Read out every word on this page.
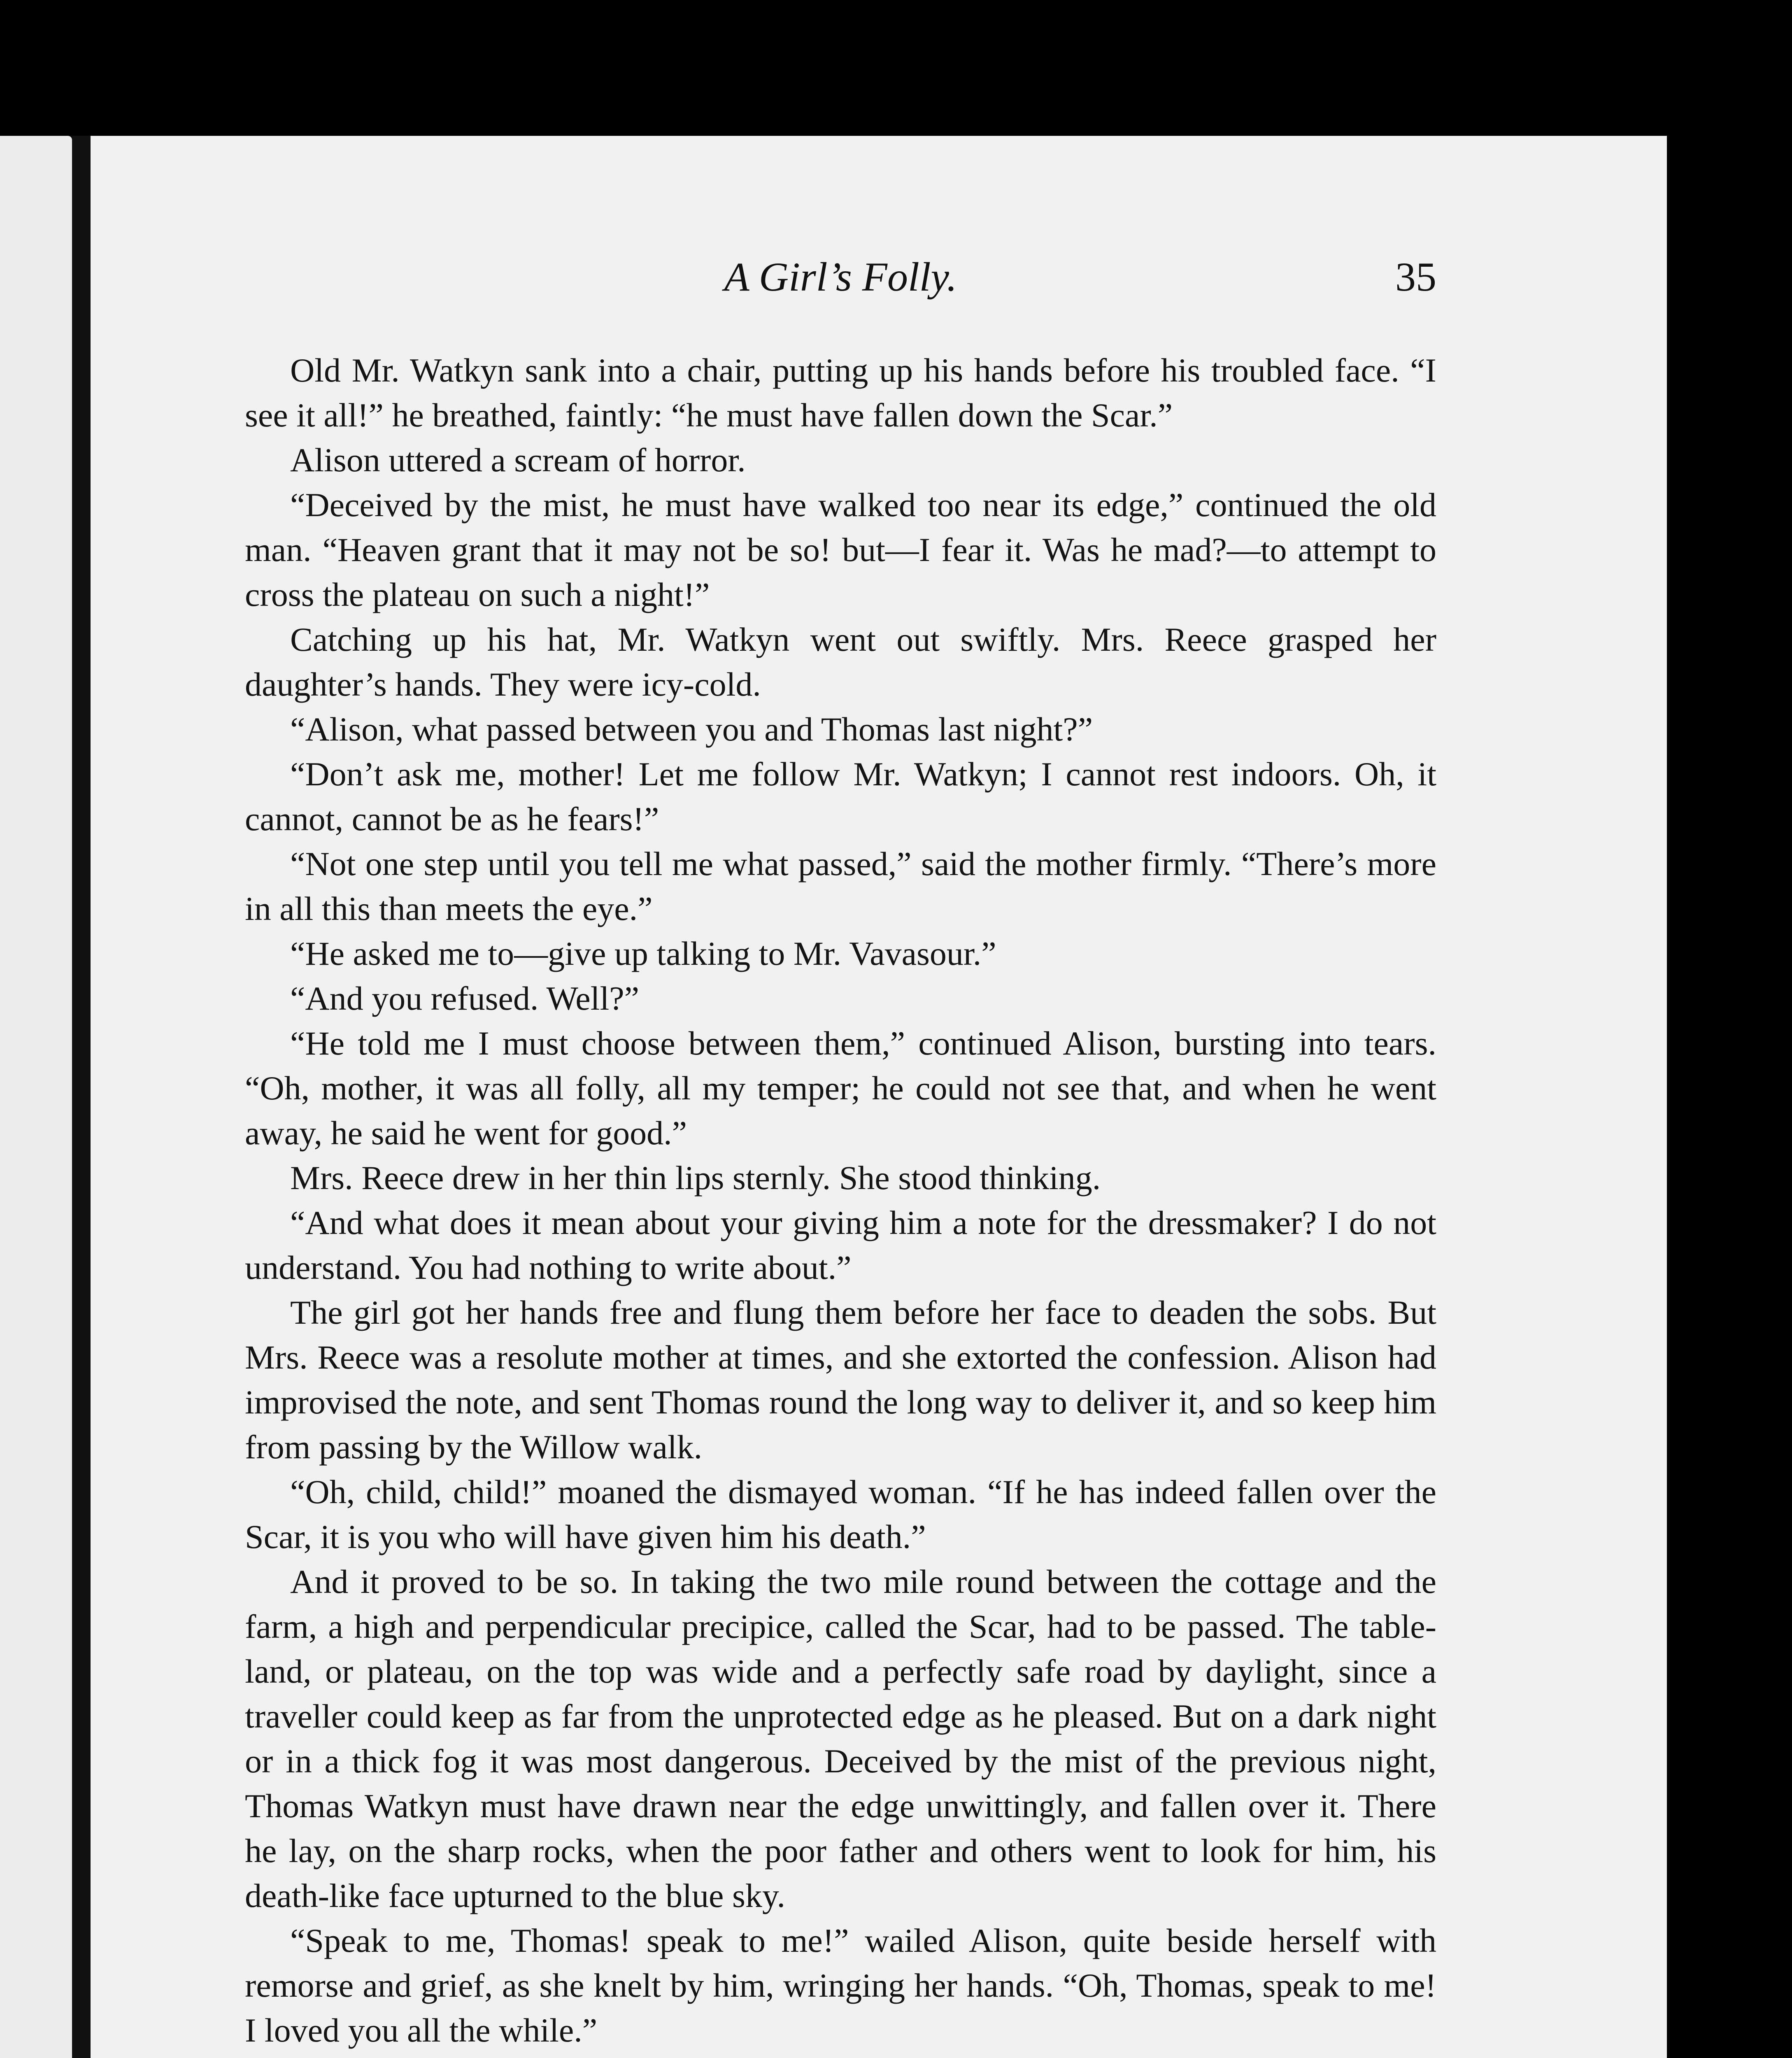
A Girl’s Folly.	35

Old Mr. Watkyn sank into a chair, putting up his hands before his troubled face. “I see it all!” he breathed, faintly: “he must have fallen down the Scar.”

Alison uttered a scream of horror.

“Deceived by the mist, he must have walked too near its edge,” continued the old man. “Heaven grant that it may not be so! but—I fear it. Was he mad?—to attempt to cross the plateau on such a night!”

Catching up his hat, Mr. Watkyn went out swiftly. Mrs. Reece grasped her daughter’s hands. They were icy-cold.

“Alison, what passed between you and Thomas last night?”

“Don’t ask me, mother! Let me follow Mr. Watkyn; I cannot rest indoors. Oh, it cannot, cannot be as he fears!”

“Not one step until you tell me what passed,” said the mother firmly. “There’s more in all this than meets the eye.”

“He asked me to—give up talking to Mr. Vavasour.”

“And you refused. Well?”

“He told me I must choose between them,” continued Alison, bursting into tears. “Oh, mother, it was all folly, all my temper; he could not see that, and when he went away, he said he went for good.”

Mrs. Reece drew in her thin lips sternly. She stood thinking.

“And what does it mean about your giving him a note for the dressmaker? I do not understand. You had nothing to write about.”

The girl got her hands free and flung them before her face to deaden the sobs. But Mrs. Reece was a resolute mother at times, and she extorted the confession. Alison had improvised the note, and sent Thomas round the long way to deliver it, and so keep him from passing by the Willow walk.

“Oh, child, child!” moaned the dismayed woman. “If he has indeed fallen over the Scar, it is you who will have given him his death.”

And it proved to be so. In taking the two mile round between the cottage and the farm, a high and perpendicular precipice, called the Scar, had to be passed. The table-land, or plateau, on the top was wide and a perfectly safe road by daylight, since a traveller could keep as far from the unprotected edge as he pleased. But on a dark night or in a thick fog it was most dangerous. Deceived by the mist of the previous night, Thomas Watkyn must have drawn near the edge unwittingly, and fallen over it. There he lay, on the sharp rocks, when the poor father and others went to look for him, his death-like face upturned to the blue sky.

“Speak to me, Thomas! speak to me!” wailed Alison, quite beside herself with remorse and grief, as she knelt by him, wringing her hands. “Oh, Thomas, speak to me! I loved you all the while.”
